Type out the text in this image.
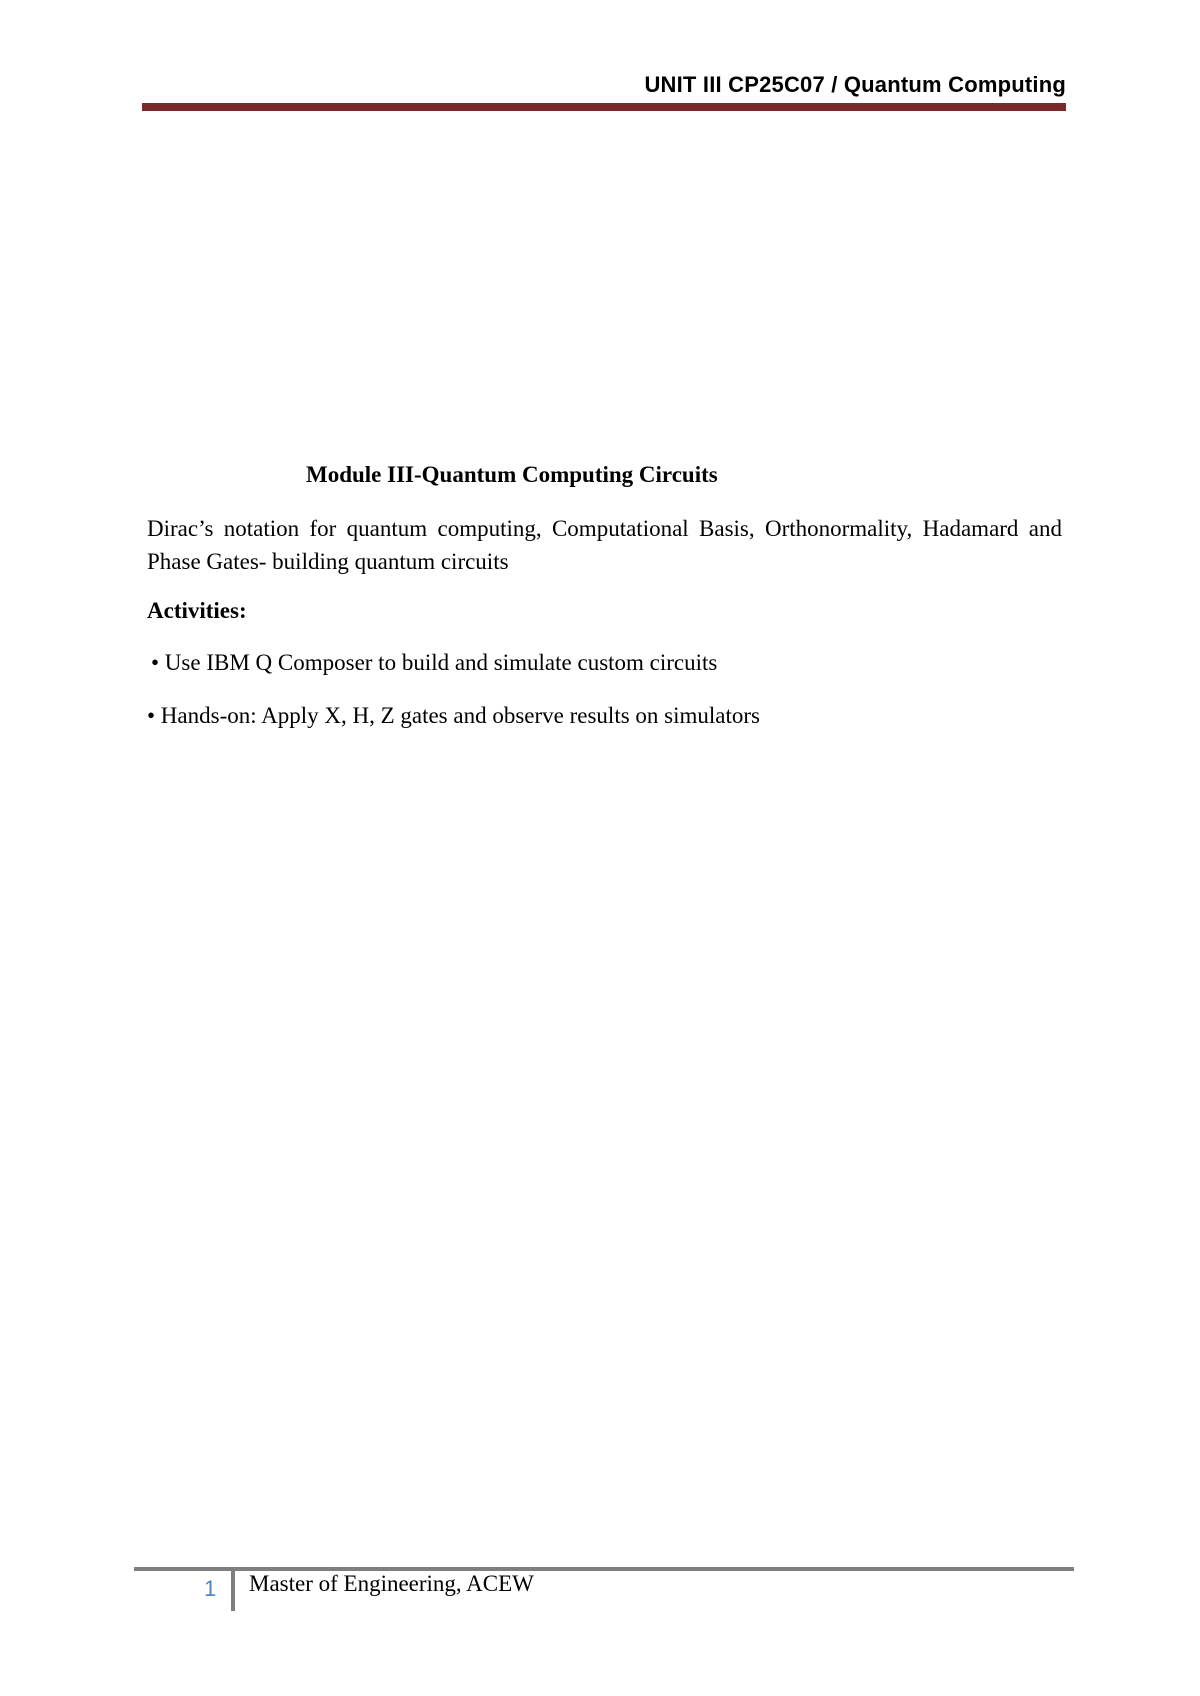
UNIT III CP25C07 / Quantum Computing
Module III-Quantum Computing Circuits

Dirac’s notation for quantum computing, Computational Basis, Orthonormality, Hadamard and Phase Gates- building quantum circuits

Activities:
• Use IBM Q Composer to build and simulate custom circuits
• Hands-on: Apply X, H, Z gates and observe results on simulators
1 Master of Engineering, ACEW
